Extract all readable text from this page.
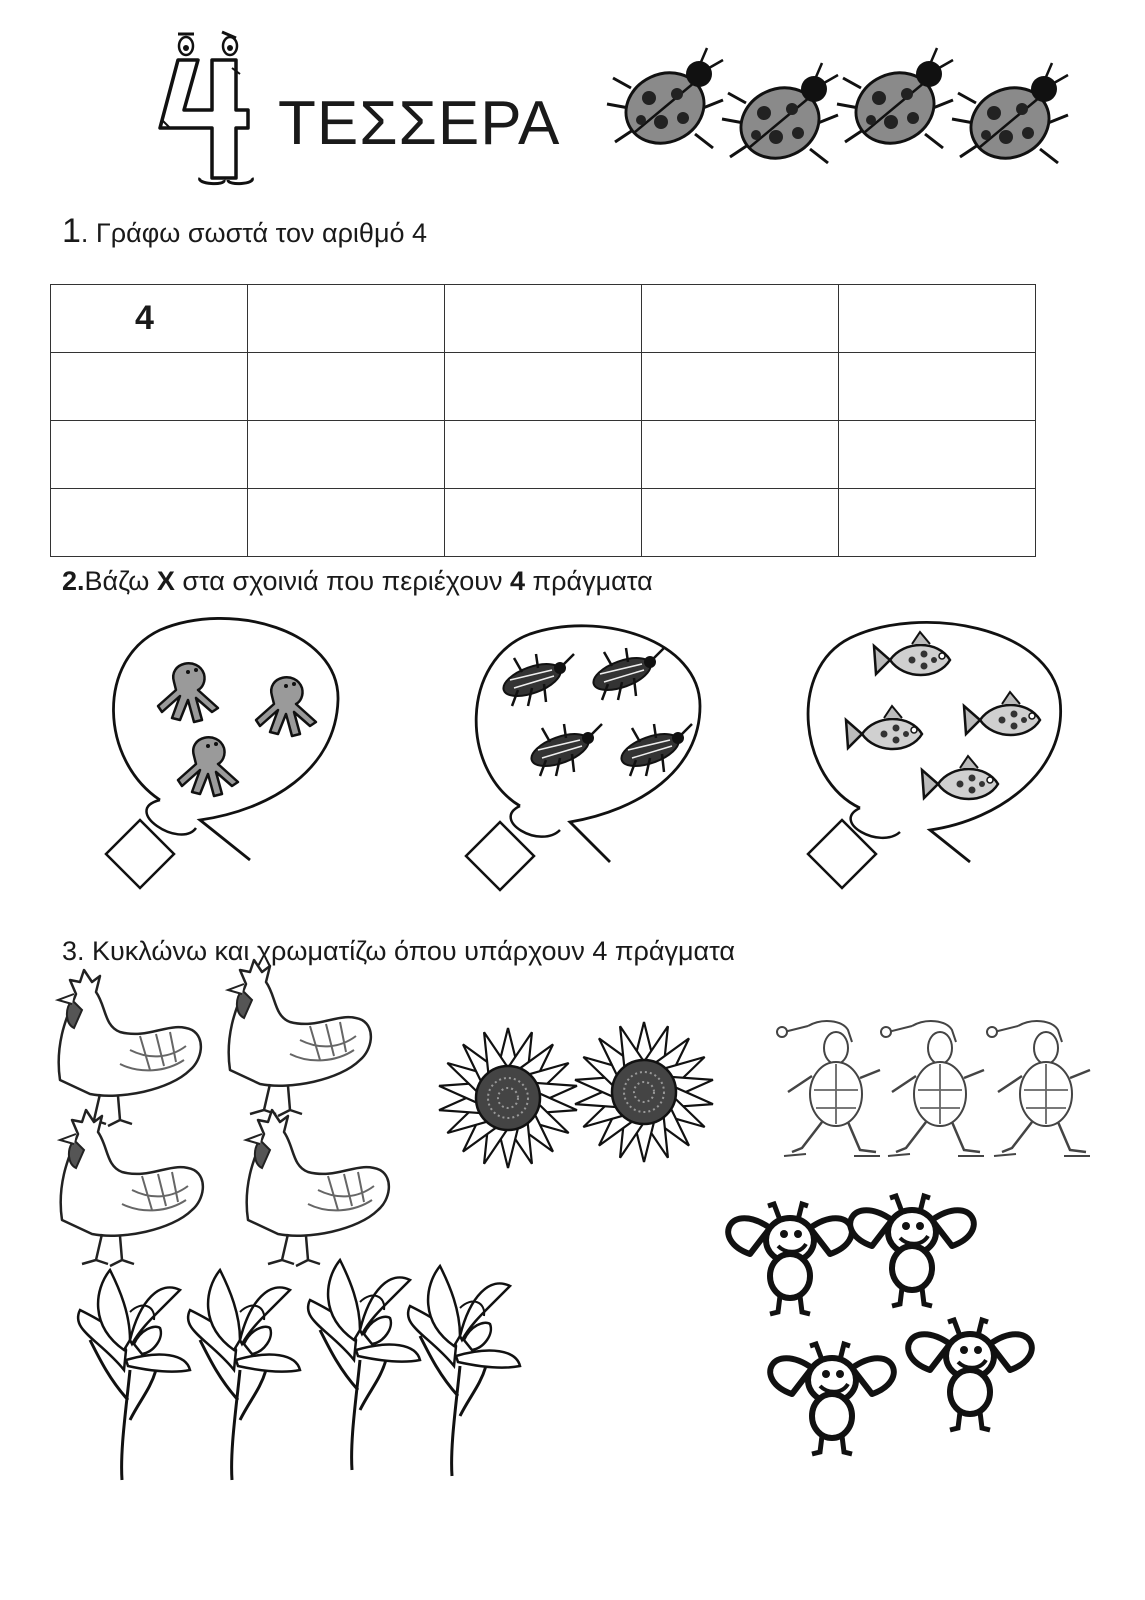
ΤΕΣΣΕΡΑ
1. Γράφω σωστά τον αριθμό 4
4				

2.Βάζω X στα σχοινιά που περιέχουν 4 πράγματα
3. Κυκλώνω και χρωματίζω όπου υπάρχουν 4 πράγματα
